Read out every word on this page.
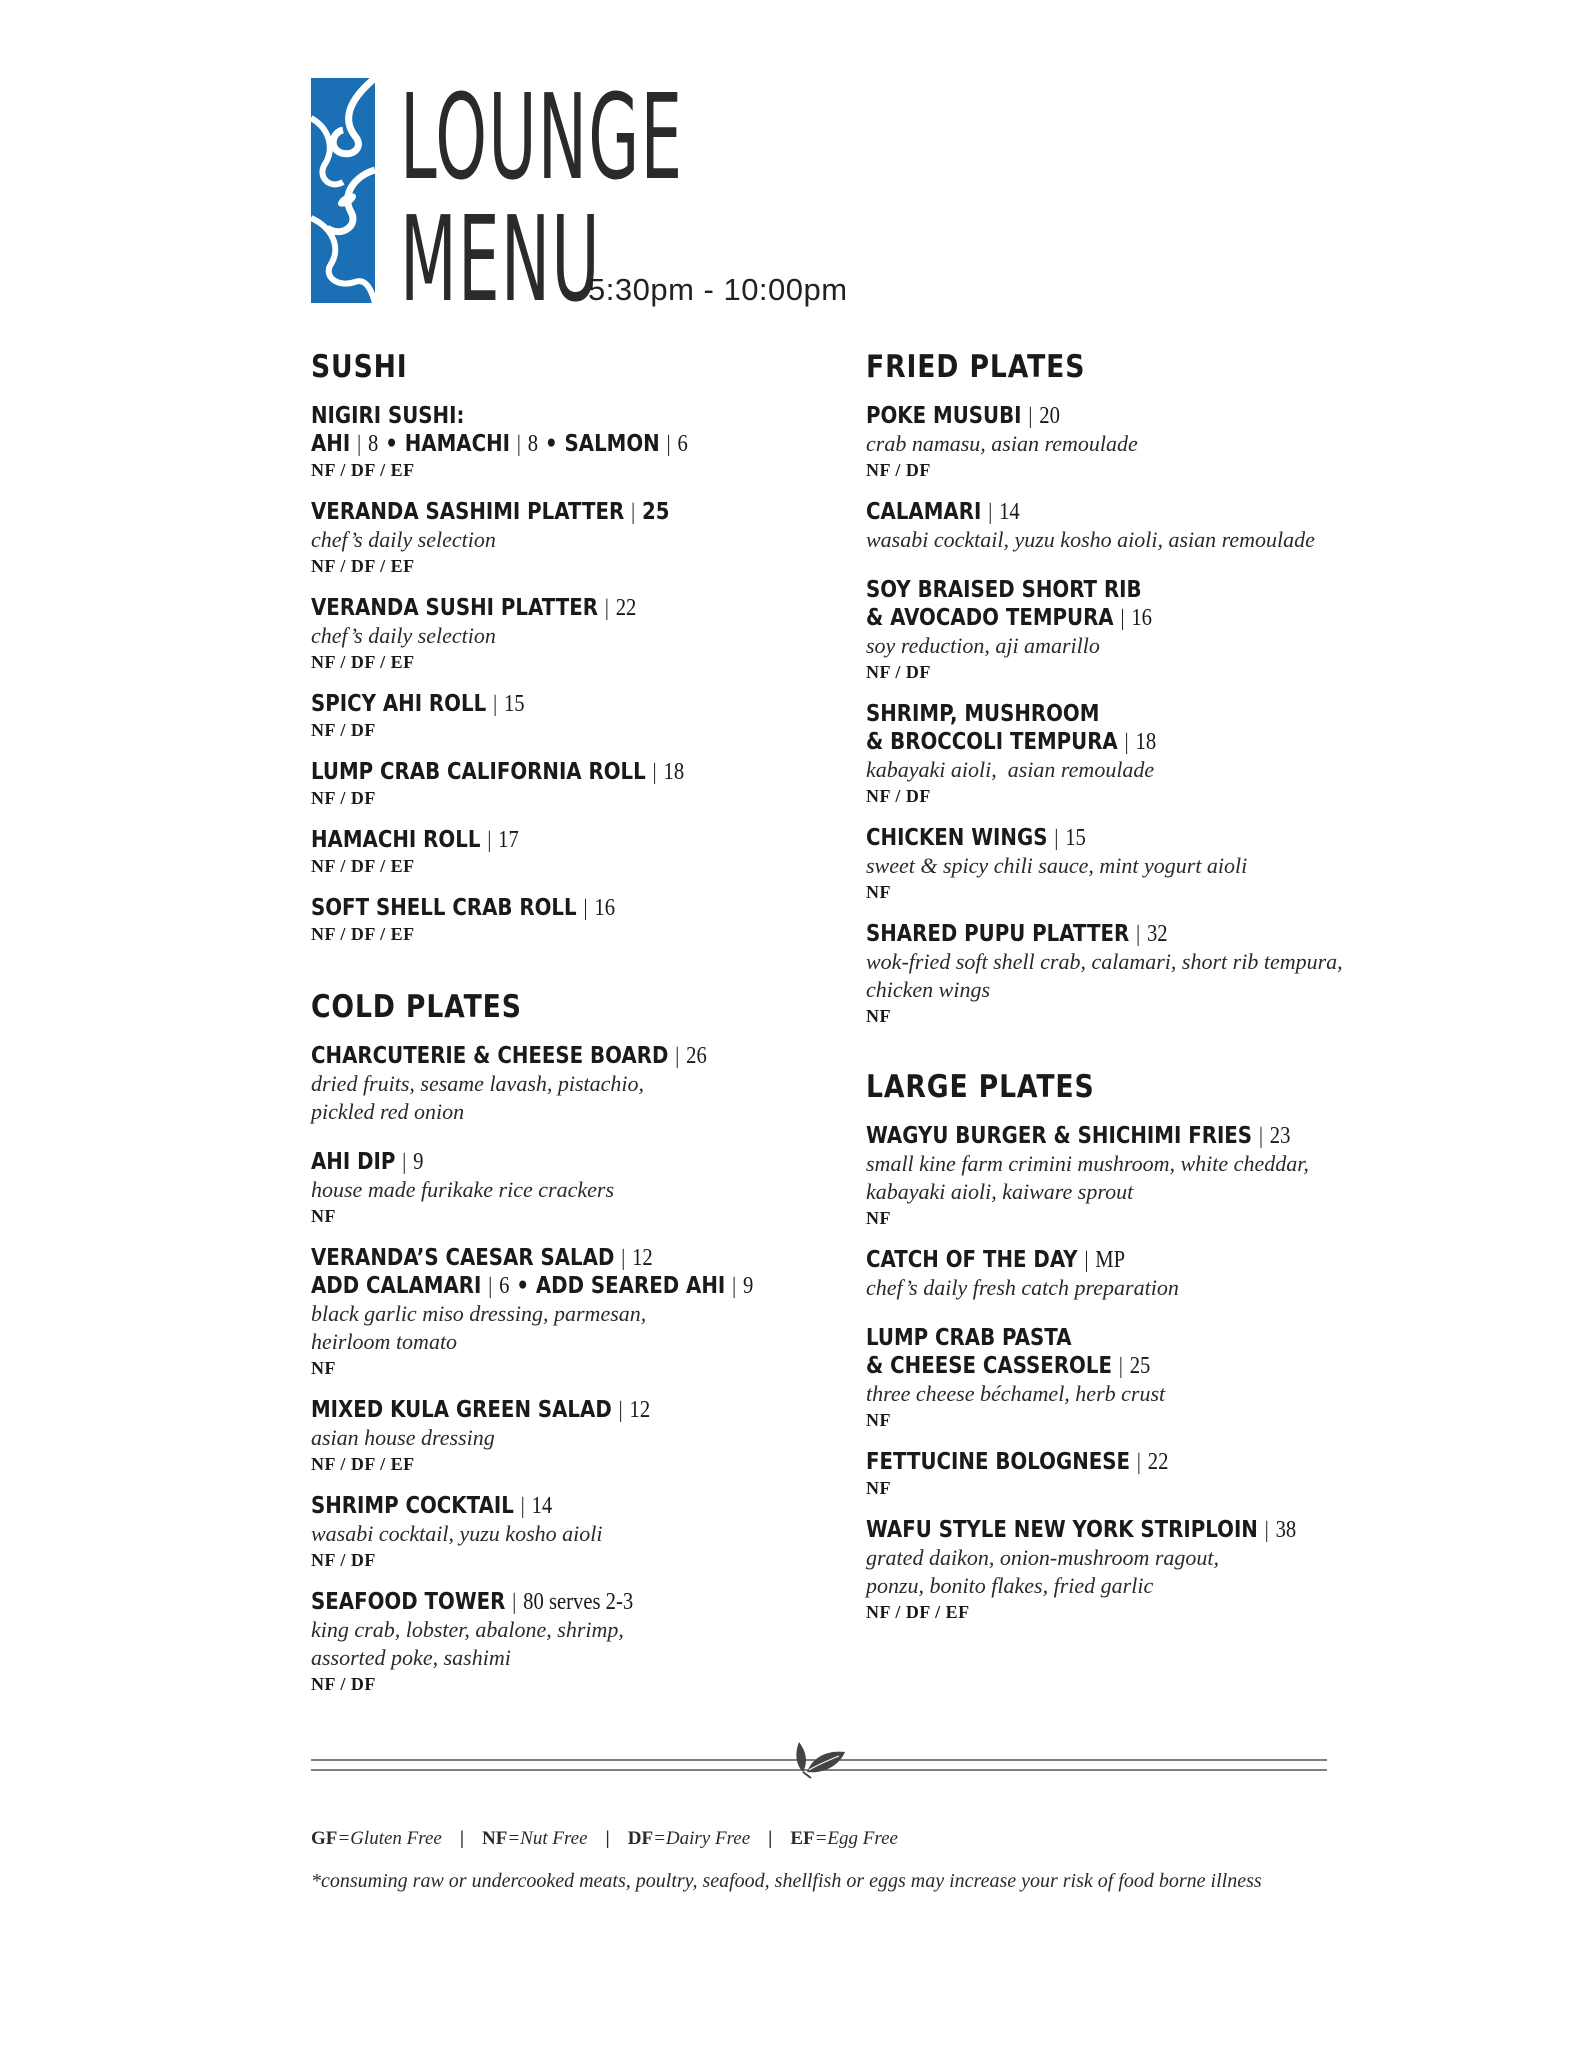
LOUNGE
MENU
5:30pm - 10:00pm
SUSHI
NIGIRI SUSHI:
AHI | 8 • HAMACHI | 8 • SALMON | 6
NF / DF / EF
VERANDA SASHIMI PLATTER | 25
chef’s daily selection
NF / DF / EF
VERANDA SUSHI PLATTER | 22
chef’s daily selection
NF / DF / EF
SPICY AHI ROLL | 15
NF / DF
LUMP CRAB CALIFORNIA ROLL | 18
NF / DF
HAMACHI ROLL | 17
NF / DF / EF
SOFT SHELL CRAB ROLL | 16
NF / DF / EF
COLD PLATES
CHARCUTERIE & CHEESE BOARD | 26
dried fruits, sesame lavash, pistachio,
pickled red onion
AHI DIP | 9
house made furikake rice crackers
NF
VERANDA’S CAESAR SALAD | 12
ADD CALAMARI | 6 • ADD SEARED AHI | 9
black garlic miso dressing, parmesan,
heirloom tomato
NF
MIXED KULA GREEN SALAD | 12
asian house dressing
NF / DF / EF
SHRIMP COCKTAIL | 14
wasabi cocktail, yuzu kosho aioli
NF / DF
SEAFOOD TOWER | 80 serves 2-3
king crab, lobster, abalone, shrimp,
assorted poke, sashimi
NF / DF
FRIED PLATES
POKE MUSUBI | 20
crab namasu, asian remoulade
NF / DF
CALAMARI | 14
wasabi cocktail, yuzu kosho aioli, asian remoulade
SOY BRAISED SHORT RIB
& AVOCADO TEMPURA | 16
soy reduction, aji amarillo
NF / DF
SHRIMP, MUSHROOM
& BROCCOLI TEMPURA | 18
kabayaki aioli,  asian remoulade
NF / DF
CHICKEN WINGS | 15
sweet & spicy chili sauce, mint yogurt aioli
NF
SHARED PUPU PLATTER | 32
wok-fried soft shell crab, calamari, short rib tempura,
chicken wings
NF
LARGE PLATES
WAGYU BURGER & SHICHIMI FRIES | 23
small kine farm crimini mushroom, white cheddar,
kabayaki aioli, kaiware sprout
NF
CATCH OF THE DAY | MP
chef’s daily fresh catch preparation
LUMP CRAB PASTA
& CHEESE CASSEROLE | 25
three cheese béchamel, herb crust
NF
FETTUCINE BOLOGNESE | 22
NF
WAFU STYLE NEW YORK STRIPLOIN | 38
grated daikon, onion-mushroom ragout,
ponzu, bonito flakes, fried garlic
NF / DF / EF
GF=Gluten Free | NF=Nut Free | DF=Dairy Free | EF=Egg Free
*consuming raw or undercooked meats, poultry, seafood, shellfish or eggs may increase your risk of food borne illness
